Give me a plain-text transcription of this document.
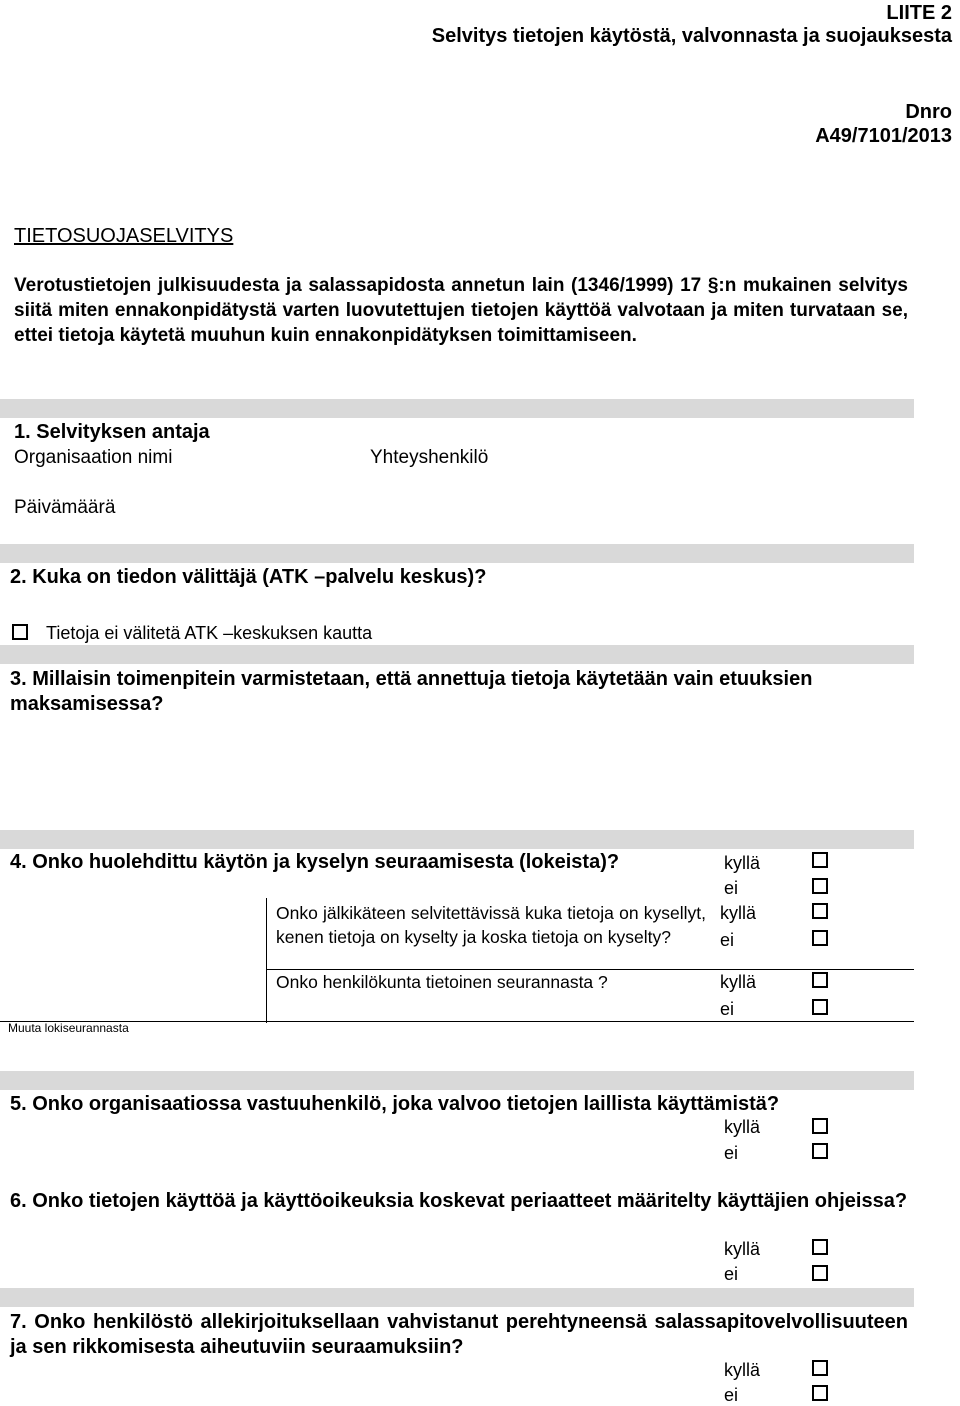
LIITE 2
Selvitys tietojen käytöstä, valvonnasta ja suojauksesta
Dnro
A49/7101/2013
TIETOSUOJASELVITYS
Verotustietojen julkisuudesta ja salassapidosta annetun lain (1346/1999) 17 §:n mukainen selvitys siitä miten ennakonpidätystä varten luovutettujen tietojen käyttöä valvotaan ja miten turvataan se, ettei tietoja käytetä muuhun kuin ennakonpidätyksen toimittamiseen.
1. Selvityksen antaja
Organisaation nimi	Yhteyshenkilö
Päivämäärä
2. Kuka on tiedon välittäjä (ATK –palvelu keskus)?
Tietoja ei välitetä ATK –keskuksen kautta
3. Millaisin toimenpitein varmistetaan, että annettuja tietoja käytetään vain etuuksien maksamisessa?
4. Onko huolehdittu käytön ja kyselyn seuraamisesta (lokeista)?	kyllä
ei
Onko jälkikäteen selvitettävissä kuka tietoja on kysellyt, kenen tietoja on kyselty ja koska tietoja on kyselty?
kyllä
ei
Onko henkilökunta tietoinen seurannasta ?	kyllä
ei
Muuta lokiseurannasta
5. Onko organisaatiossa vastuuhenkilö, joka valvoo tietojen laillista käyttämistä?
kyllä
ei
6. Onko tietojen käyttöä ja käyttöoikeuksia koskevat periaatteet määritelty käyttäjien ohjeissa?
kyllä
ei
7. Onko henkilöstö allekirjoituksellaan vahvistanut perehtyneensä salassapitovelvollisuuteen ja sen rikkomisesta aiheutuviin seuraamuksiin?
kyllä
ei
